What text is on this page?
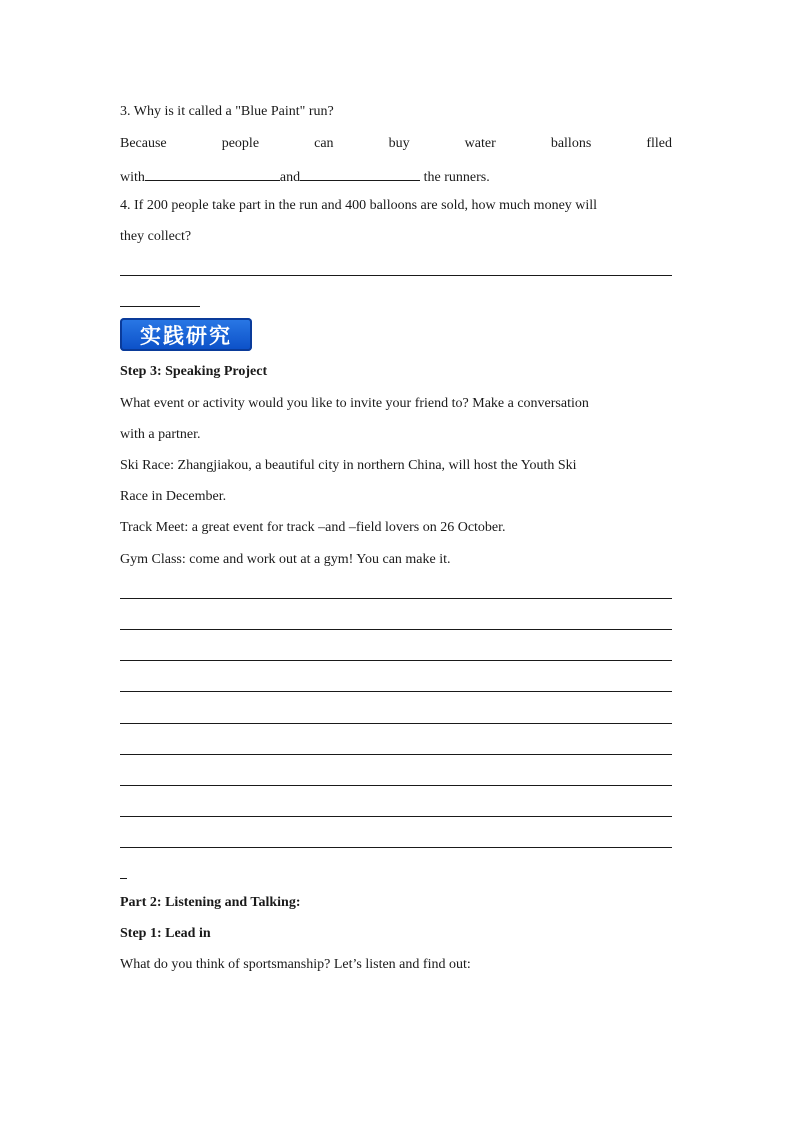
3. Why is it called a "Blue Paint" run?
Because	people	can	buy	water	ballons	flled
with	and	the runners.
4. If 200 people take part in the run and 400 balloons are sold, how much money will
they collect?
实践研究
Step 3: Speaking Project
What event or activity would you like to invite your friend to? Make a conversation
with a partner.
Ski Race: Zhangjiakou, a beautiful city in northern China, will host the Youth Ski
Race in December.
Track Meet: a great event for track –and –field lovers on 26 October.
Gym Class: come and work out at a gym! You can make it.
Part 2: Listening and Talking:
Step 1: Lead in
What do you think of sportsmanship? Let’s listen and find out:
